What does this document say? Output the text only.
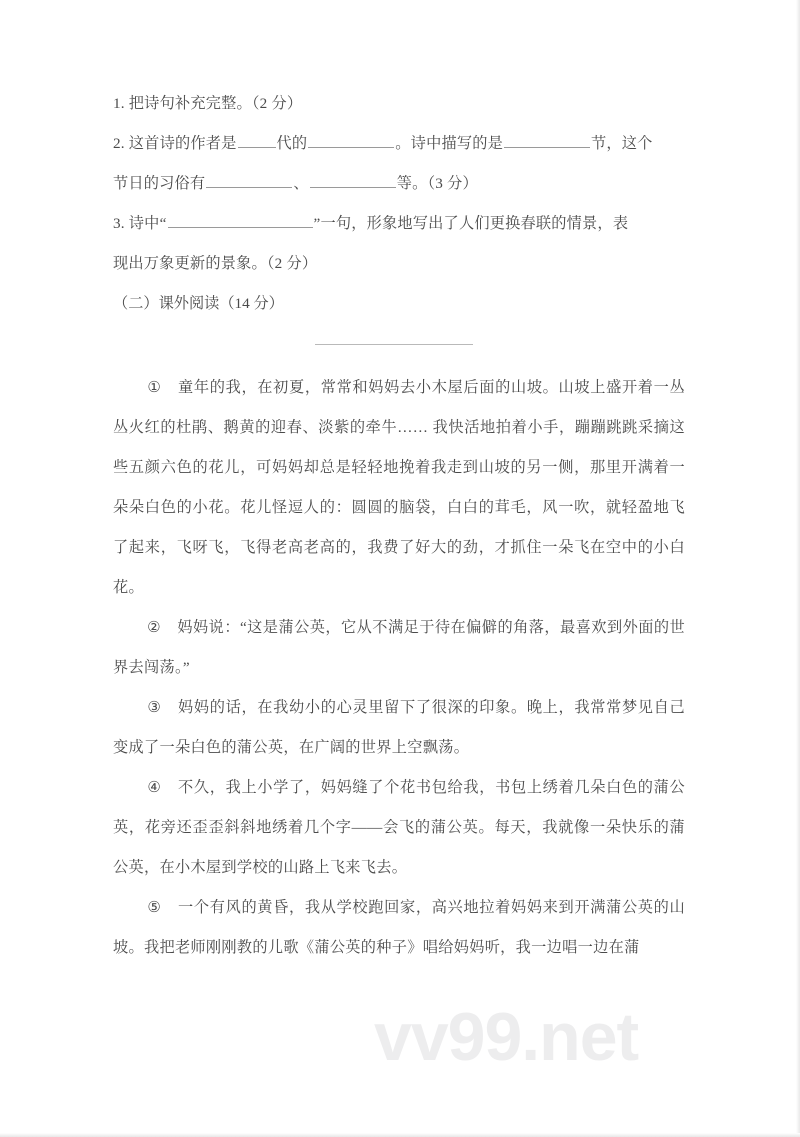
1. 把诗句补充完整。（2 分）
2. 这首诗的作者是	代的	。诗中描写的是	节，这个
节日的习俗有	、	等。（3 分）
3. 诗中“	”一句，形象地写出了人们更换春联的情景，表
现出万象更新的景象。（2 分）
（二）课外阅读（14 分）

① 童年的我，在初夏，常常和妈妈去小木屋后面的山坡。山坡上盛开着一丛丛火红的杜鹃、鹅黄的迎春、淡紫的牵牛…… 我快活地拍着小手，蹦蹦跳跳采摘这些五颜六色的花儿，可妈妈却总是轻轻地挽着我走到山坡的另一侧，那里开满着一朵朵白色的小花。花儿怪逗人的：圆圆的脑袋，白白的茸毛，风一吹，就轻盈地飞了起来，飞呀飞，飞得老高老高的，我费了好大的劲，才抓住一朵飞在空中的小白花。

② 妈妈说：“这是蒲公英，它从不满足于待在偏僻的角落，最喜欢到外面的世界去闯荡。”

③ 妈妈的话，在我幼小的心灵里留下了很深的印象。晚上，我常常梦见自己变成了一朵白色的蒲公英，在广阔的世界上空飘荡。

④ 不久，我上小学了，妈妈缝了个花书包给我，书包上绣着几朵白色的蒲公英，花旁还歪歪斜斜地绣着几个字——会飞的蒲公英。每天，我就像一朵快乐的蒲公英，在小木屋到学校的山路上飞来飞去。

⑤ 一个有风的黄昏，我从学校跑回家，高兴地拉着妈妈来到开满蒲公英的山坡。我把老师刚刚教的儿歌《蒲公英的种子》唱给妈妈听，我一边唱一边在蒲

vv99.net
